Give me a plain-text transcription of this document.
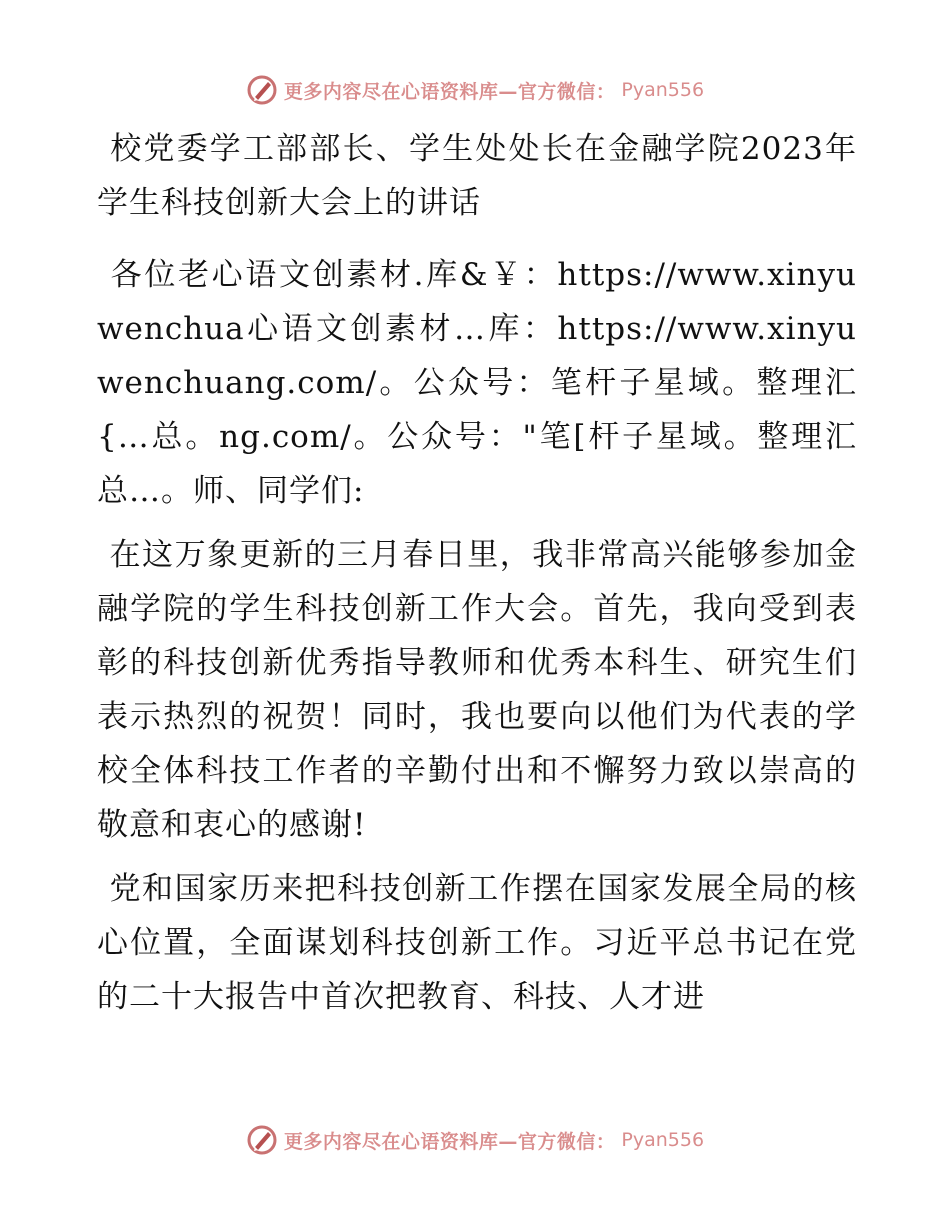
更多内容尽在心语资料库—官方微信： Pyan556

校党委学工部部长、学生处处长在金融学院2023年学生科技创新大会上的讲话

各位老心语文创素材.库&￥：https://www.xinyuwenchua心语文创素材…库：https://www.xinyuwenchuang.com/。公众号：笔杆子星域。整理汇{…总。ng.com/。公众号："笔[杆子星域。整理汇总…。师、同学们:

在这万象更新的三月春日里，我非常高兴能够参加金融学院的学生科技创新工作大会。首先，我向受到表彰的科技创新优秀指导教师和优秀本科生、研究生们表示热烈的祝贺！同时，我也要向以他们为代表的学校全体科技工作者的辛勤付出和不懈努力致以崇高的敬意和衷心的感谢!

党和国家历来把科技创新工作摆在国家发展全局的核心位置，全面谋划科技创新工作。习近平总书记在党的二十大报告中首次把教育、科技、人才进

更多内容尽在心语资料库—官方微信： Pyan556
